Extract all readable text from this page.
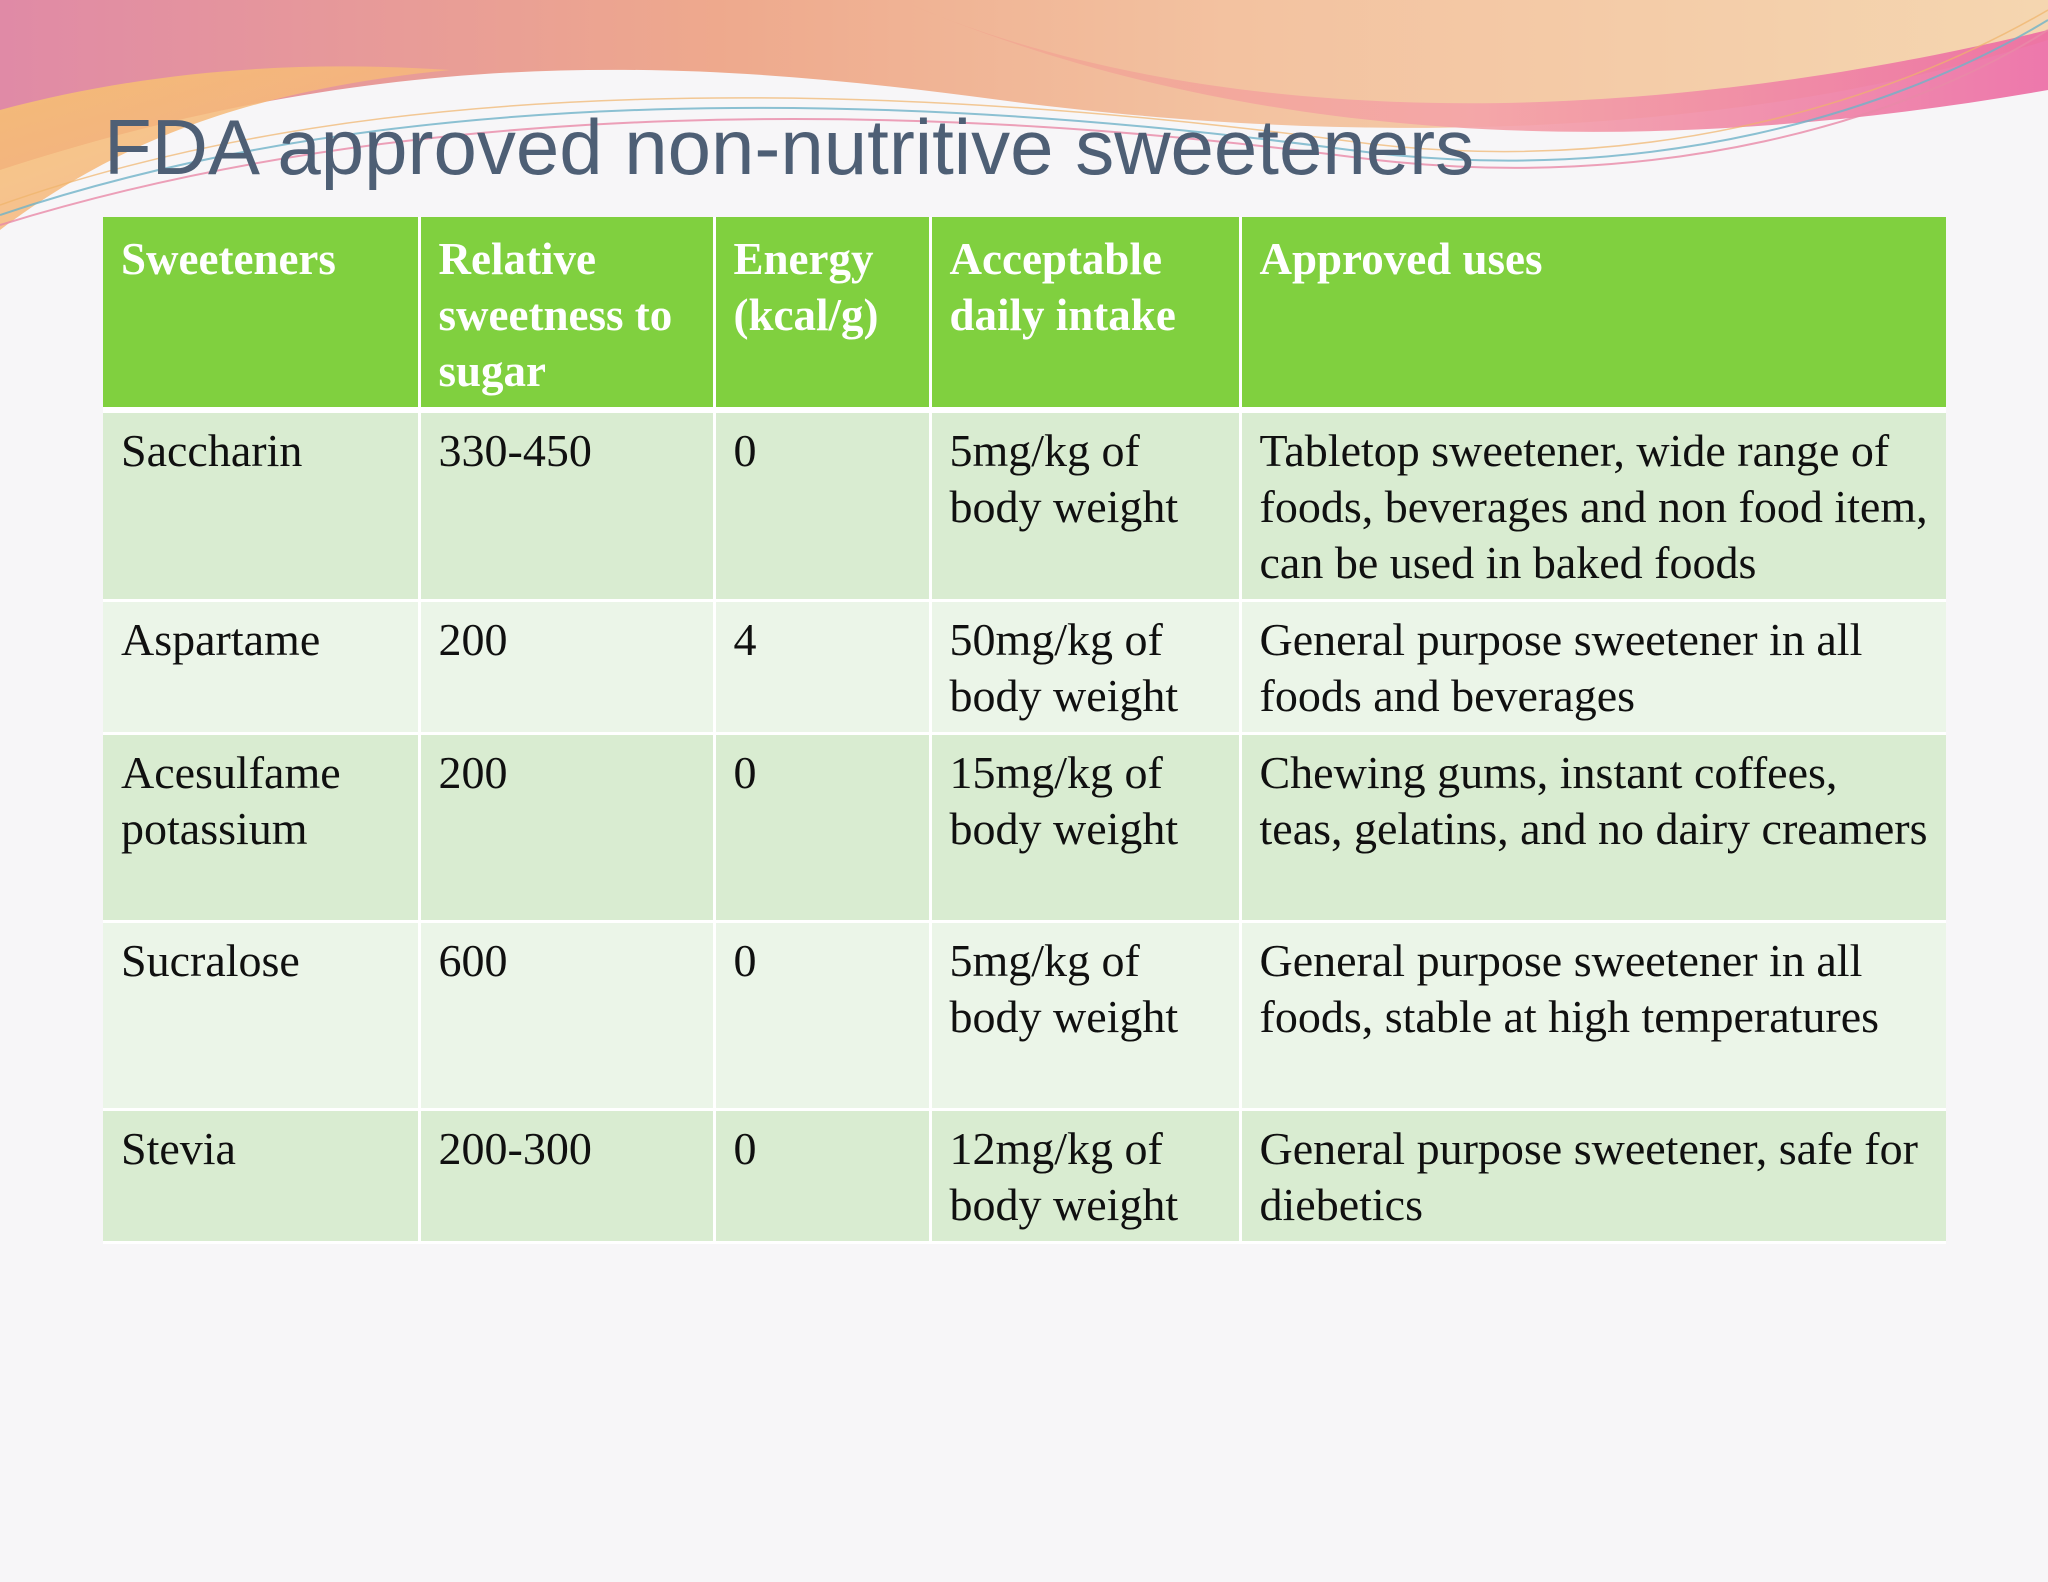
FDA approved non-nutritive sweeteners
Sweeteners	Relative sweetness to sugar	Energy (kcal/g)	Acceptable daily intake	Approved uses
Saccharin	330-450	0	5mg/kg of body weight	Tabletop sweetener, wide range of foods, beverages and non food item, can be used in baked foods
Aspartame	200	4	50mg/kg of body weight	General purpose sweetener in all foods and beverages
Acesulfame potassium	200	0	15mg/kg of body weight	Chewing gums, instant coffees, teas, gelatins, and no dairy creamers
Sucralose	600	0	5mg/kg of body weight	General purpose sweetener in all foods, stable at high temperatures
Stevia	200-300	0	12mg/kg of body weight	General purpose sweetener, safe for diebetics
